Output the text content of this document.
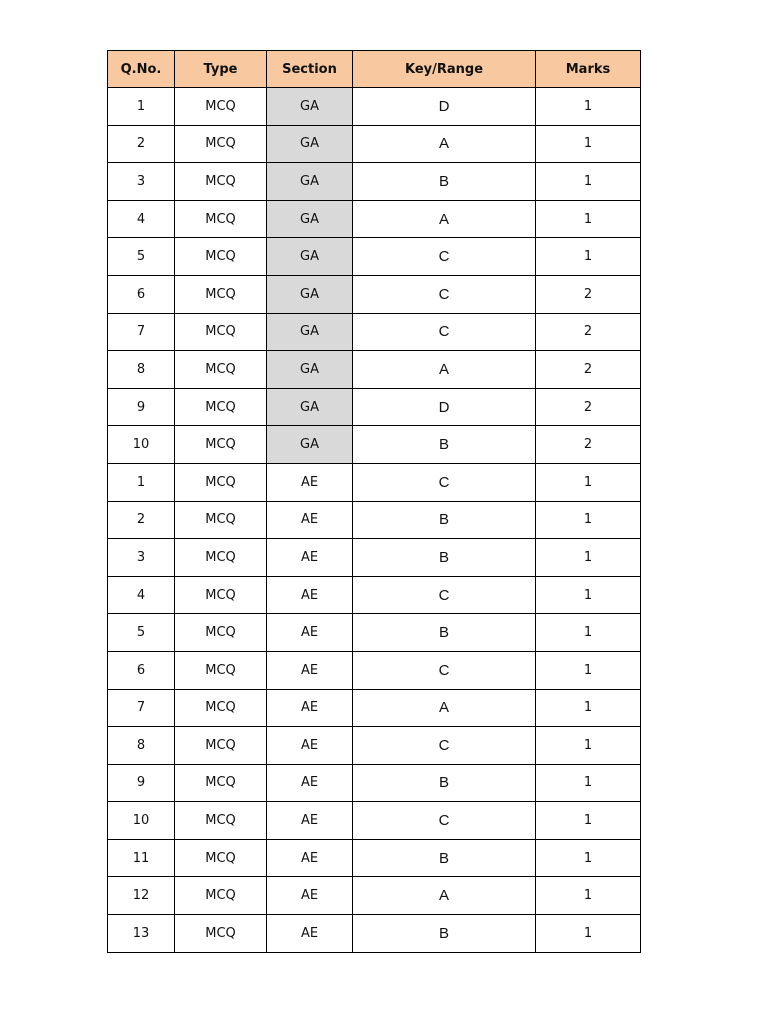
Q.No.	Type	Section	Key/Range	Marks
1	MCQ	GA	D	1
2	MCQ	GA	A	1
3	MCQ	GA	B	1
4	MCQ	GA	A	1
5	MCQ	GA	C	1
6	MCQ	GA	C	2
7	MCQ	GA	C	2
8	MCQ	GA	A	2
9	MCQ	GA	D	2
10	MCQ	GA	B	2
1	MCQ	AE	C	1
2	MCQ	AE	B	1
3	MCQ	AE	B	1
4	MCQ	AE	C	1
5	MCQ	AE	B	1
6	MCQ	AE	C	1
7	MCQ	AE	A	1
8	MCQ	AE	C	1
9	MCQ	AE	B	1
10	MCQ	AE	C	1
11	MCQ	AE	B	1
12	MCQ	AE	A	1
13	MCQ	AE	B	1
